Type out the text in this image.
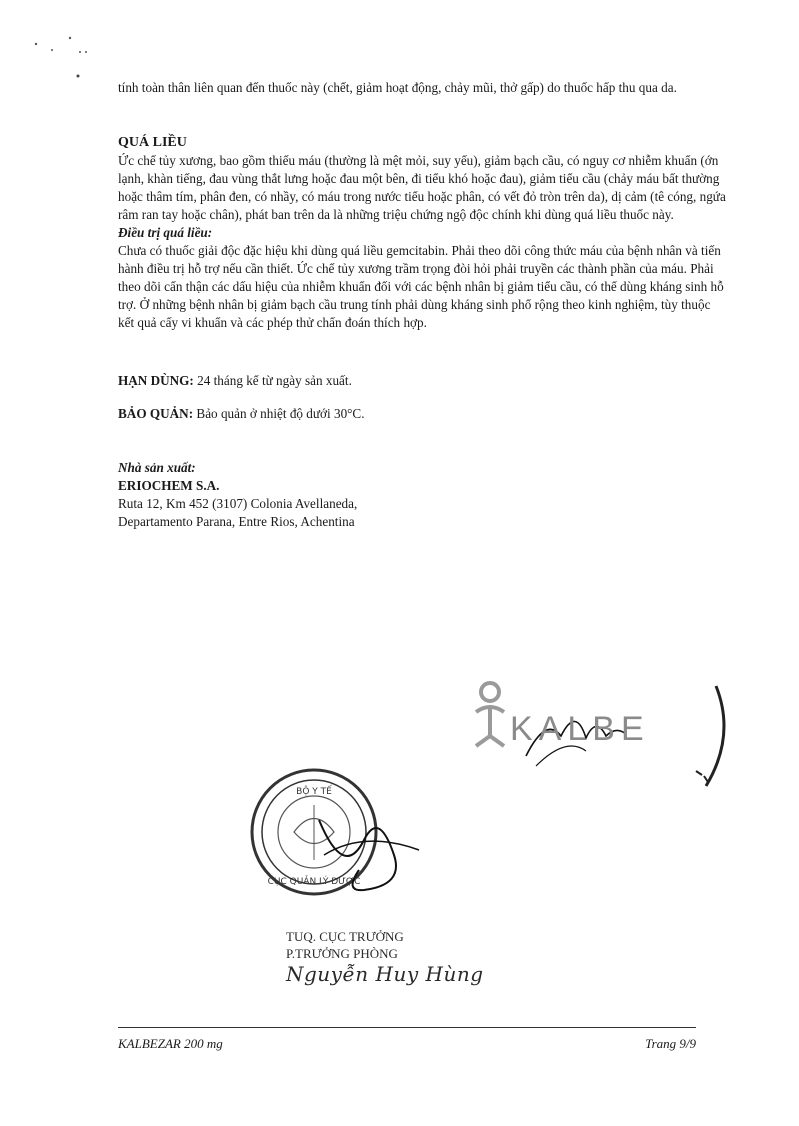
tính toàn thân liên quan đến thuốc này (chết, giảm hoạt động, chảy mũi, thở gấp) do thuốc hấp thu qua da.

QUÁ LIỀU

Ức chế tủy xương, bao gồm thiếu máu (thường là mệt mỏi, suy yếu), giảm bạch cầu, có nguy cơ nhiễm khuẩn (ớn lạnh, khàn tiếng, đau vùng thắt lưng hoặc đau một bên, đi tiểu khó hoặc đau), giảm tiểu cầu (chảy máu bất thường hoặc thâm tím, phân đen, có nhầy, có máu trong nước tiểu hoặc phân, có vết đỏ tròn trên da), dị cảm (tê cóng, ngứa râm ran tay hoặc chân), phát ban trên da là những triệu chứng ngộ độc chính khi dùng quá liều thuốc này.

Điều trị quá liều:

Chưa có thuốc giải độc đặc hiệu khi dùng quá liều gemcitabin. Phải theo dõi công thức máu của bệnh nhân và tiến hành điều trị hỗ trợ nếu cần thiết. Ức chế tủy xương trầm trọng đòi hỏi phải truyền các thành phần của máu. Phải theo dõi cẩn thận các dấu hiệu của nhiễm khuẩn đối với các bệnh nhân bị giảm tiểu cầu, có thể dùng kháng sinh hỗ trợ. Ở những bệnh nhân bị giảm bạch cầu trung tính phải dùng kháng sinh phổ rộng theo kinh nghiệm, tùy thuộc kết quả cấy vi khuẩn và các phép thử chẩn đoán thích hợp.

HẠN DÙNG: 24 tháng kể từ ngày sản xuất.

BẢO QUẢN: Bảo quản ở nhiệt độ dưới 30°C.

Nhà sản xuất:

ERIOCHEM S.A.

Ruta 12, Km 452 (3107) Colonia Avellaneda,

Departamento Parana, Entre Rios, Achentina

KALBE
BỘ Y TẾ
CỤC QUẢN LÝ DƯỢC
TUQ. CỤC TRƯỞNG
P.TRƯỞNG PHÒNG
Nguyễn Huy Hùng
KALBEZAR 200 mg	Trang 9/9
